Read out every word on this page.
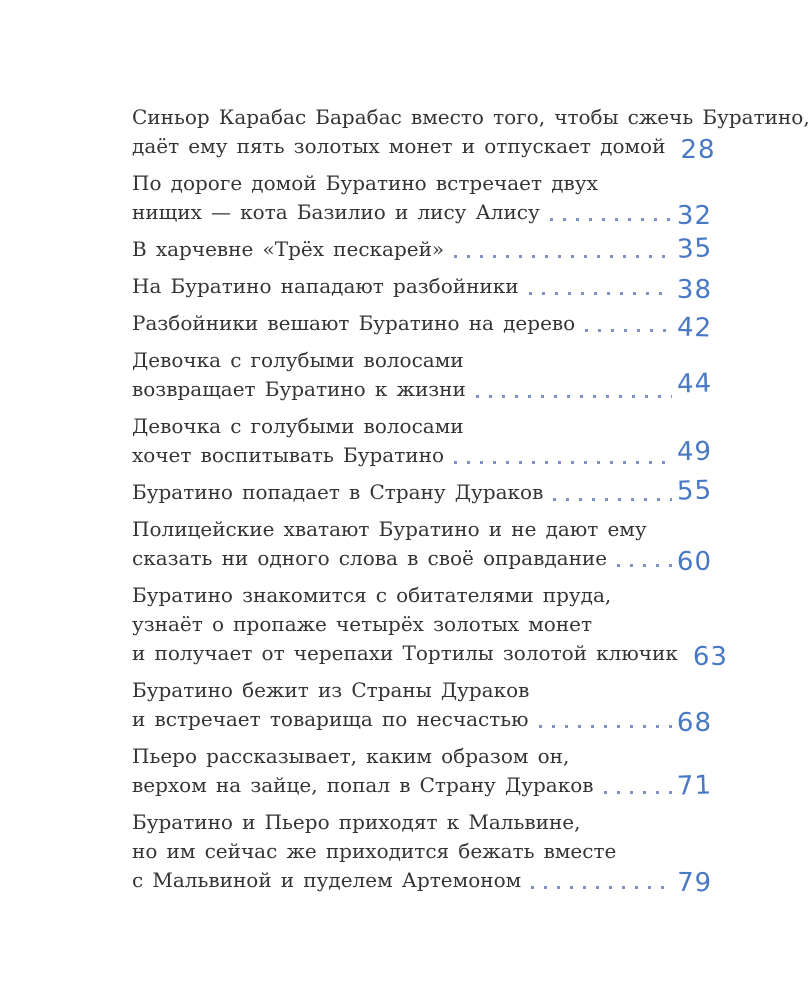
Синьор Карабас Барабас вместо того, чтобы сжечь Буратино,
даёт ему пять золотых монет и отпускает домой 28
По дороге домой Буратино встречает двух
нищих — кота Базилио и лису Алису	32
В харчевне «Трёх пескарей»	35
На Буратино нападают разбойники	38
Разбойники вешают Буратино на дерево	42
Девочка с голубыми волосами
возвращает Буратино к жизни	44
Девочка с голубыми волосами
хочет воспитывать Буратино	49
Буратино попадает в Страну Дураков	55
Полицейские хватают Буратино и не дают ему
сказать ни одного слова в своё оправдание	60
Буратино знакомится с обитателями пруда,
узнаёт о пропаже четырёх золотых монет
и получает от черепахи Тортилы золотой ключик 63
Буратино бежит из Страны Дураков
и встречает товарища по несчастью	68
Пьеро рассказывает, каким образом он,
верхом на зайце, попал в Страну Дураков	71
Буратино и Пьеро приходят к Мальвине,
но им сейчас же приходится бежать вместе
с Мальвиной и пуделем Артемоном	79
